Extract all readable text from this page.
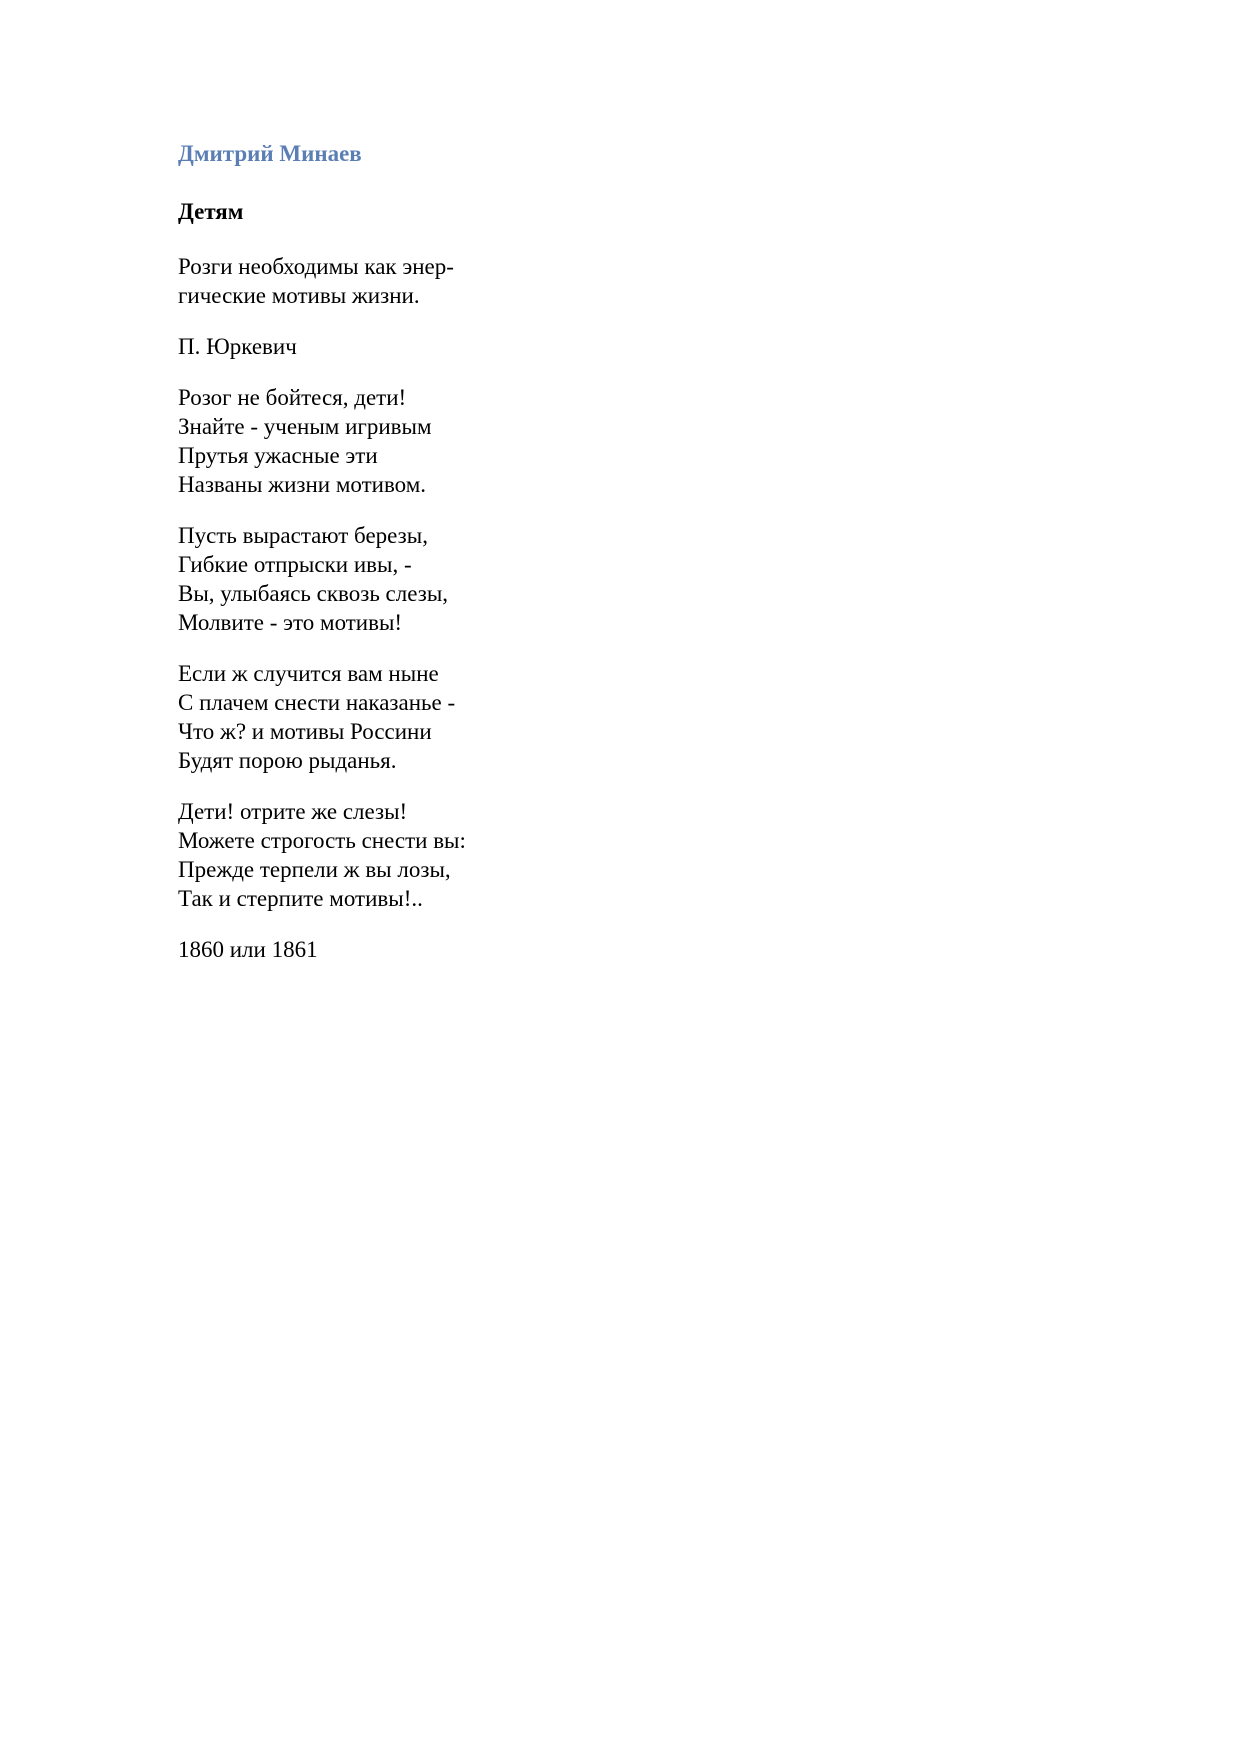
Дмитрий Минаев
Детям
Розги необходимы как энер-
гические мотивы жизни.
П. Юркевич
Розог не бойтеся, дети!
Знайте - ученым игривым
Прутья ужасные эти
Названы жизни мотивом.
Пусть вырастают березы,
Гибкие отпрыски ивы, -
Вы, улыбаясь сквозь слезы,
Молвите - это мотивы!
Если ж случится вам ныне
С плачем снести наказанье -
Что ж? и мотивы Россини
Будят порою рыданья.
Дети! отрите же слезы!
Можете строгость снести вы:
Прежде терпели ж вы лозы,
Так и стерпите мотивы!..
1860 или 1861
